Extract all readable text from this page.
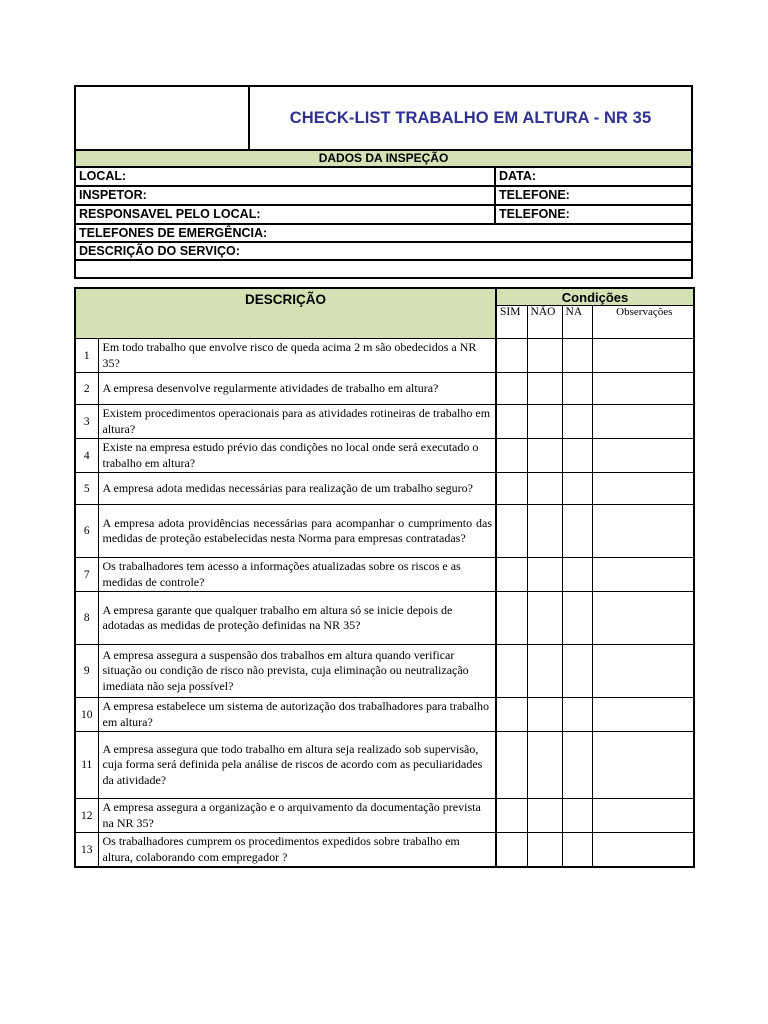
CHECK-LIST TRABALHO EM ALTURA - NR 35
DADOS DA INSPEÇÃO
LOCAL:	DATA:
INSPETOR:	TELEFONE:
RESPONSAVEL PELO LOCAL:	TELEFONE:
TELEFONES DE EMERGÊNCIA:
DESCRIÇÃO DO SERVIÇO:
DESCRIÇÃO		Condições			
		SIM	NÃO	NA	Observações
1	Em todo trabalho que envolve risco de queda acima 2 m são obedecidos a NR 35?				
2	A empresa desenvolve regularmente atividades de trabalho em altura?				
3	Existem procedimentos operacionais para as atividades rotineiras de trabalho em altura?				
4	Existe na empresa estudo prévio das condições no local onde será executado o trabalho em altura?				
5	A empresa adota medidas necessárias para realização de um trabalho seguro?				
6	A empresa adota providências necessárias para acompanhar o cumprimento das medidas de proteção estabelecidas nesta Norma para empresas contratadas?				
7	Os trabalhadores tem acesso a informações atualizadas sobre os riscos e as medidas de controle?				
8	A empresa garante que qualquer trabalho em altura só se inicie depois de adotadas as medidas de proteção definidas na NR 35?				
9	A empresa assegura a suspensão dos trabalhos em altura quando verificar situação ou condição de risco não prevista, cuja eliminação ou neutralização imediata não seja possível?				
10	A empresa estabelece um sistema de autorização dos trabalhadores para trabalho em altura?				
11	A empresa assegura que todo trabalho em altura seja realizado sob supervisão, cuja forma será definida pela análise de riscos de acordo com as peculiaridades da atividade?				
12	A empresa assegura a organização e o arquivamento da documentação prevista na NR 35?				
13	Os trabalhadores cumprem os procedimentos expedidos sobre trabalho em altura, colaborando com empregador ?				
